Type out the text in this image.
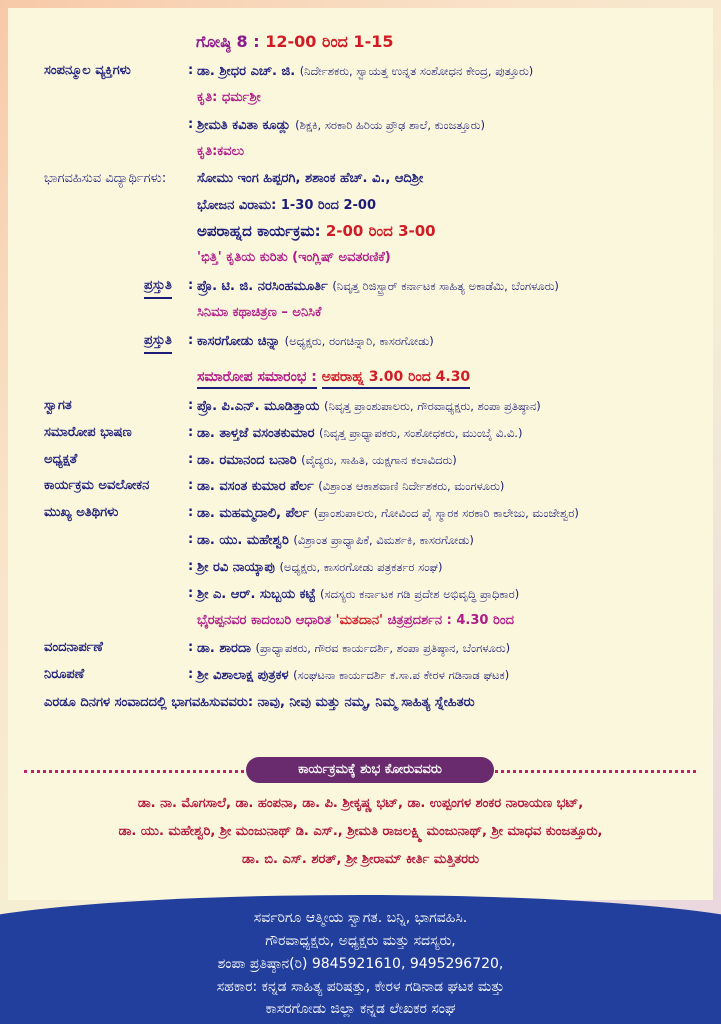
ಗೋಷ್ಠಿ 8 : 12-00 ರಿಂದ 1-15
ಸಂಪನ್ಮೂಲ ವ್ಯಕ್ತಿಗಳು	: ಡಾ. ಶ್ರೀಧರ ಎಚ್. ಜಿ. (ನಿರ್ದೇಶಕರು, ಸ್ವಾಯತ್ತ ಉನ್ನತ ಸಂಶೋಧನ ಕೇಂದ್ರ, ಪುತ್ತೂರು)
ಕೃತಿ: ಧರ್ಮಶ್ರೀ
: ಶ್ರೀಮತಿ ಕವಿತಾ ಕೂಡ್ಲು (ಶಿಕ್ಷಕಿ, ಸರಕಾರಿ ಹಿರಿಯ ಪ್ರೌಢ ಶಾಲೆ, ಕುಂಜತ್ತೂರು)
ಕೃತಿ:ಕವಲು
ಭಾಗವಹಿಸುವ ವಿದ್ಯಾರ್ಥಿಗಳು: ಸೋಮು ಇಂಗ ಹಿಪ್ಪರಗಿ, ಶಶಾಂಕ ಹೆಚ್. ವಿ., ಆದಿಶ್ರೀ
ಭೋಜನ ವಿರಾಮ: 1-30 ರಿಂದ 2-00
ಅಪರಾಹ್ನದ ಕಾರ್ಯಕ್ರಮ: 2-00 ರಿಂದ 3-00
'ಭಿತ್ತಿ' ಕೃತಿಯ ಕುರಿತು (ಇಂಗ್ಲಿಷ್ ಅವತರಣಿಕೆ)
ಪ್ರಸ್ತುತಿ : ಪ್ರೊ. ಟಿ. ಜಿ. ನರಸಿಂಹಮೂರ್ತಿ (ನಿವೃತ್ತ ರಿಜಿಸ್ಟ್ರಾರ್ ಕರ್ನಾಟಕ ಸಾಹಿತ್ಯ ಅಕಾಡೆಮಿ, ಬೆಂಗಳೂರು)
ಸಿನಿಮಾ ಕಥಾಚಿತ್ರಣ – ಅನಿಸಿಕೆ
ಪ್ರಸ್ತುತಿ : ಕಾಸರಗೋಡು ಚಿನ್ನಾ (ಅಧ್ಯಕ್ಷರು, ರಂಗಚಿನ್ನಾರಿ, ಕಾಸರಗೋಡು)
ಸಮಾರೋಪ ಸಮಾರಂಭ : ಅಪರಾಹ್ನ 3.00 ರಿಂದ 4.30
ಸ್ವಾಗತ	: ಪ್ರೊ. ಪಿ.ಎನ್. ಮೂಡಿತ್ತಾಯ (ನಿವೃತ್ತ ಪ್ರಾಂಶುಪಾಲರು, ಗೌರವಾಧ್ಯಕ್ಷರು, ಶಂಪಾ ಪ್ರತಿಷ್ಠಾನ)
ಸಮಾರೋಪ ಭಾಷಣ	: ಡಾ. ತಾಳ್ತಜೆ ವಸಂತಕುಮಾರ (ನಿವೃತ್ತ ಪ್ರಾಧ್ಯಾಪಕರು, ಸಂಶೋಧಕರು, ಮುಂಬೈ ವಿ.ವಿ.)
ಅಧ್ಯಕ್ಷತೆ	: ಡಾ. ರಮಾನಂದ ಬನಾರಿ (ವೈದ್ಯರು, ಸಾಹಿತಿ, ಯಕ್ಷಗಾನ ಕಲಾವಿದರು)
ಕಾರ್ಯಕ್ರಮ ಅವಲೋಕನ	: ಡಾ. ವಸಂತ ಕುಮಾರ ಪೆರ್ಲ (ವಿಶ್ರಾಂತ ಆಕಾಶವಾಣಿ ನಿರ್ದೇಶಕರು, ಮಂಗಳೂರು)
ಮುಖ್ಯ ಅತಿಥಿಗಳು	: ಡಾ. ಮಹಮ್ಮದಾಲಿ, ಪೆರ್ಲ (ಪ್ರಾಂಶುಪಾಲರು, ಗೋವಿಂದ ಪೈ ಸ್ಮಾರಕ ಸರಕಾರಿ ಕಾಲೇಜು, ಮಂಜೇಶ್ವರ)
: ಡಾ. ಯು. ಮಹೇಶ್ವರಿ (ವಿಶ್ರಾಂತ ಪ್ರಾಧ್ಯಾಪಿಕೆ, ವಿಮರ್ಶಕಿ, ಕಾಸರಗೋಡು)
: ಶ್ರೀ ರವಿ ನಾಯ್ಕಾಪು (ಅಧ್ಯಕ್ಷರು, ಕಾಸರಗೋಡು ಪತ್ರಕರ್ತರ ಸಂಘ)
: ಶ್ರೀ ಎ. ಆರ್. ಸುಬ್ಬಯ ಕಟ್ಟೆ (ಸದಸ್ಯರು ಕರ್ನಾಟಕ ಗಡಿ ಪ್ರದೇಶ ಅಭಿವೃದ್ಧಿ ಪ್ರಾಧಿಕಾರ)
ಭೈರಪ್ಪನವರ ಕಾದಂಬರಿ ಆಧಾರಿತ 'ಮತದಾನ' ಚಿತ್ರಪ್ರದರ್ಶನ : 4.30 ರಿಂದ
ವಂದನಾರ್ಪಣೆ	: ಡಾ. ಶಾರದಾ (ಪ್ರಾಧ್ಯಾಪಕರು, ಗೌರವ ಕಾರ್ಯದರ್ಶಿ, ಶಂಪಾ ಪ್ರತಿಷ್ಠಾನ, ಬೆಂಗಳೂರು)
ನಿರೂಪಣೆ	: ಶ್ರೀ ವಿಶಾಲಾಕ್ಷ ಪುತ್ರಕಳ (ಸಂಘಟನಾ ಕಾರ್ಯದರ್ಶಿ ಕ.ಸಾ.ಪ ಕೇರಳ ಗಡಿನಾಡ ಘಟಕ)
ಎರಡೂ ದಿನಗಳ ಸಂವಾದದಲ್ಲಿ ಭಾಗವಹಿಸುವವರು: ನಾವು, ನೀವು ಮತ್ತು ನಮ್ಮ, ನಿಮ್ಮ ಸಾಹಿತ್ಯ ಸ್ನೇಹಿತರು
ಕಾರ್ಯಕ್ರಮಕ್ಕೆ ಶುಭ ಕೋರುವವರು
ಡಾ. ನಾ. ಮೊಗಸಾಲೆ, ಡಾ. ಹಂಪನಾ, ಡಾ. ಪಿ. ಶ್ರೀಕೃಷ್ಣ ಭಟ್, ಡಾ. ಉಪ್ಪಂಗಳ ಶಂಕರ ನಾರಾಯಣ ಭಟ್,
ಡಾ. ಯು. ಮಹೇಶ್ವರಿ, ಶ್ರೀ ಮಂಜುನಾಥ್ ಡಿ. ಎಸ್., ಶ್ರೀಮತಿ ರಾಜಲಕ್ಷ್ಮಿ ಮಂಜುನಾಥ್, ಶ್ರೀ ಮಾಧವ ಕುಂಜತ್ತೂರು,
ಡಾ. ಬಿ. ಎಸ್. ಶರತ್, ಶ್ರೀ ಶ್ರೀರಾಮ್ ಕೀರ್ತಿ ಮತ್ತಿತರರು
ಸರ್ವರಿಗೂ ಆತ್ಮೀಯ ಸ್ವಾಗತ. ಬನ್ನಿ, ಭಾಗವಹಿಸಿ.
ಗೌರವಾಧ್ಯಕ್ಷರು, ಅಧ್ಯಕ್ಷರು ಮತ್ತು ಸದಸ್ಯರು,
ಶಂಪಾ ಪ್ರತಿಷ್ಠಾನ(ರಿ) 9845921610, 9495296720,
ಸಹಕಾರ: ಕನ್ನಡ ಸಾಹಿತ್ಯ ಪರಿಷತ್ತು, ಕೇರಳ ಗಡಿನಾಡ ಘಟಕ ಮತ್ತು
ಕಾಸರಗೋಡು ಜಿಲ್ಲಾ ಕನ್ನಡ ಲೇಖಕರ ಸಂಘ
